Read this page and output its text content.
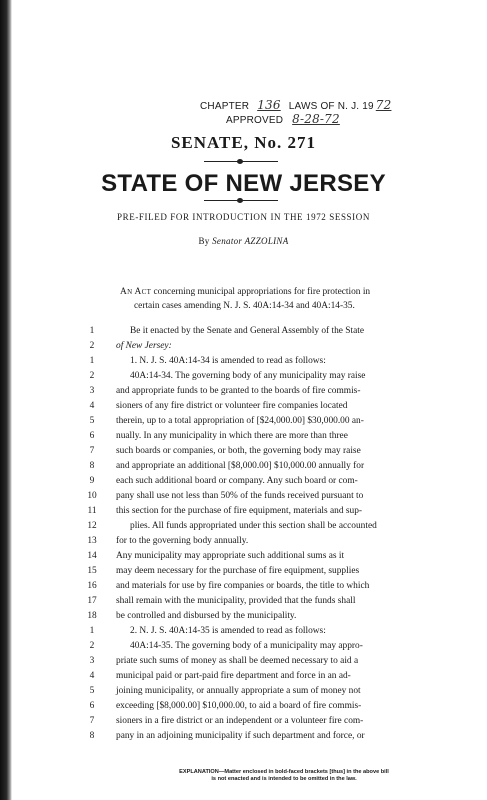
CHAPTER 136 LAWS OF N. J. 19 72
APPROVED 8-28-72
SENATE, No. 271
STATE OF NEW JERSEY
PRE-FILED FOR INTRODUCTION IN THE 1972 SESSION
By Senator AZZOLINA
An Act concerning municipal appropriations for fire protection in
certain cases amending N. J. S. 40A:14-34 and 40A:14-35.
1	Be it enacted by the Senate and General Assembly of the State
2	of New Jersey:
1	1. N. J. S. 40A:14-34 is amended to read as follows:
2	40A:14-34. The governing body of any municipality may raise
3	and appropriate funds to be granted to the boards of fire commis-
4	sioners of any fire district or volunteer fire companies located
5	therein, up to a total appropriation of [$24,000.00] $30,000.00 an-
6	nually. In any municipality in which there are more than three
7	such boards or companies, or both, the governing body may raise
8	and appropriate an additional [$8,000.00] $10,000.00 annually for
9	each such additional board or company. Any such board or com-
10 pany shall use not less than 50% of the funds received pursuant to
11 this section for the purchase of fire equipment, materials and sup-
12	plies. All funds appropriated under this section shall be accounted
13 for to the governing body annually.
14 Any municipality may appropriate such additional sums as it
15 may deem necessary for the purchase of fire equipment, supplies
16 and materials for use by fire companies or boards, the title to which
17 shall remain with the municipality, provided that the funds shall
18 be controlled and disbursed by the municipality.
1	2. N. J. S. 40A:14-35 is amended to read as follows:
2	40A:14-35. The governing body of a municipality may appro-
3	priate such sums of money as shall be deemed necessary to aid a
4	municipal paid or part-paid fire department and force in an ad-
5	joining municipality, or annually appropriate a sum of money not
6	exceeding [$8,000.00] $10,000.00, to aid a board of fire commis-
7	sioners in a fire district or an independent or a volunteer fire com-
8	pany in an adjoining municipality if such department and force, or
EXPLANATION—Matter enclosed in bold-faced brackets [thus] in the above bill
is not enacted and is intended to be omitted in the law.
